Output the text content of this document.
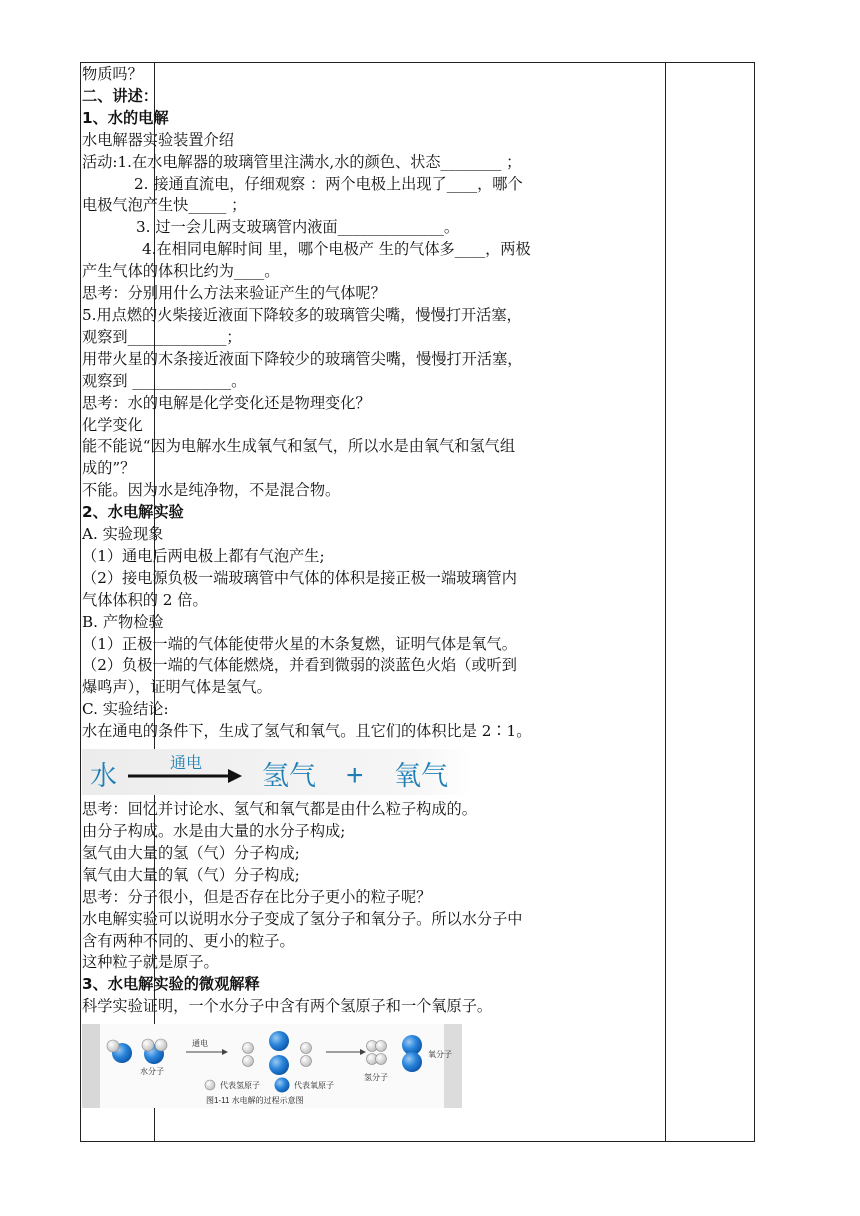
物质吗？
二、讲述：
1、水的电解
水电解器实验装置介绍
活动:1.在水电解器的玻璃管里注满水,水的颜色、状态________ ；
2. 接通直流电，仔细观察 ：两个电极上出现了____，哪个
电极气泡产生快_____ ；
3. 过一会儿两支玻璃管内液面______________。
4.在相同电解时间 里，哪个电极产 生的气体多____，两极
产生气体的体积比约为____。
思考：分别用什么方法来验证产生的气体呢？
5.用点燃的火柴接近液面下降较多的玻璃管尖嘴，慢慢打开活塞，
观察到_____________；
用带火星的木条接近液面下降较少的玻璃管尖嘴，慢慢打开活塞，
观察到 _____________。
思考：水的电解是化学变化还是物理变化？
化学变化
能不能说“因为电解水生成氧气和氢气，所以水是由氧气和氢气组
成的”？
不能。因为水是纯净物，不是混合物。
2、水电解实验
A. 实验现象
（1）通电后两电极上都有气泡产生;
（2）接电源负极一端玻璃管中气体的体积是接正极一端玻璃管内
气体体积的 2 倍。
B. 产物检验
（1）正极一端的气体能使带火星的木条复燃，证明气体是氧气。
（2）负极一端的气体能燃烧，并看到微弱的淡蓝色火焰（或听到
爆鸣声），证明气体是氢气。
C. 实验结论:
水在通电的条件下，生成了氢气和氧气。且它们的体积比是 2∶1。
水	通电 氢气 + 氧气
思考：回忆并讨论水、氢气和氧气都是由什么粒子构成的。
由分子构成。水是由大量的水分子构成;
氢气由大量的氢（气）分子构成;
氧气由大量的氧（气）分子构成;
思考：分子很小，但是否存在比分子更小的粒子呢？
水电解实验可以说明水分子变成了氢分子和氧分子。所以水分子中
含有两种不同的、更小的粒子。
这种粒子就是原子。
3、水电解实验的微观解释
科学实验证明，一个水分子中含有两个氢原子和一个氧原子。
水分子
通电
氢分子
氧分子
代表氢原子	代表氧原子
图1-11 水电解的过程示意图
